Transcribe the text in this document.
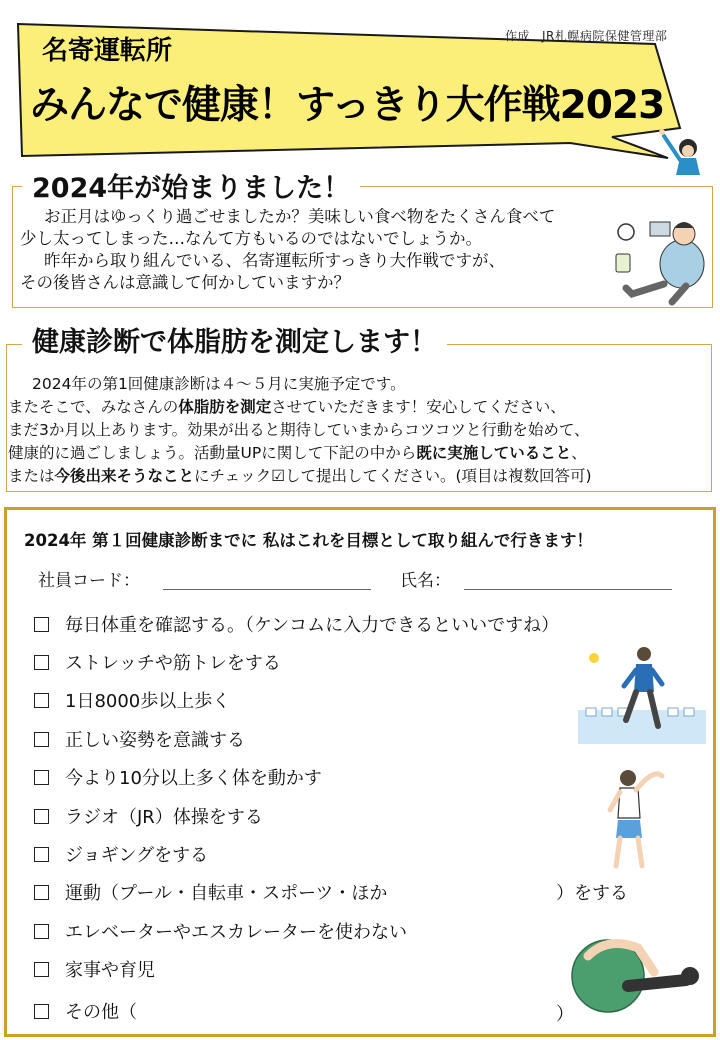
作成 JR札幌病院保健管理部
名寄運転所
みんなで健康！すっきり大作戦2023
2024年が始まりました！
お正月はゆっくり過ごせましたか？美味しい食べ物をたくさん食べて
少し太ってしまった…なんて方もいるのではないでしょうか。
昨年から取り組んでいる、名寄運転所すっきり大作戦ですが、
その後皆さんは意識して何かしていますか？
健康診断で体脂肪を測定します！
2024年の第1回健康診断は４～５月に実施予定です。
またそこで、みなさんの体脂肪を測定させていただきます！安心してください、
まだ3か月以上あります。効果が出ると期待していまからコツコツと行動を始めて、
健康的に過ごしましょう。活動量UPに関して下記の中から既に実施していること、
または今後出来そうなことにチェック☑して提出してください。(項目は複数回答可)
2024年 第１回健康診断までに 私はこれを目標として取り組んで行きます！
社員コード：	氏名：
毎日体重を確認する。（ケンコムに入力できるといいですね）
ストレッチや筋トレをする
1日8000歩以上歩く
正しい姿勢を意識する
今より10分以上多く体を動かす
ラジオ（JR）体操をする
ジョギングをする
運動（プール・自転車・スポーツ・ほか
エレベーターやエスカレーターを使わない
家事や育児
その他（
）をする
）
